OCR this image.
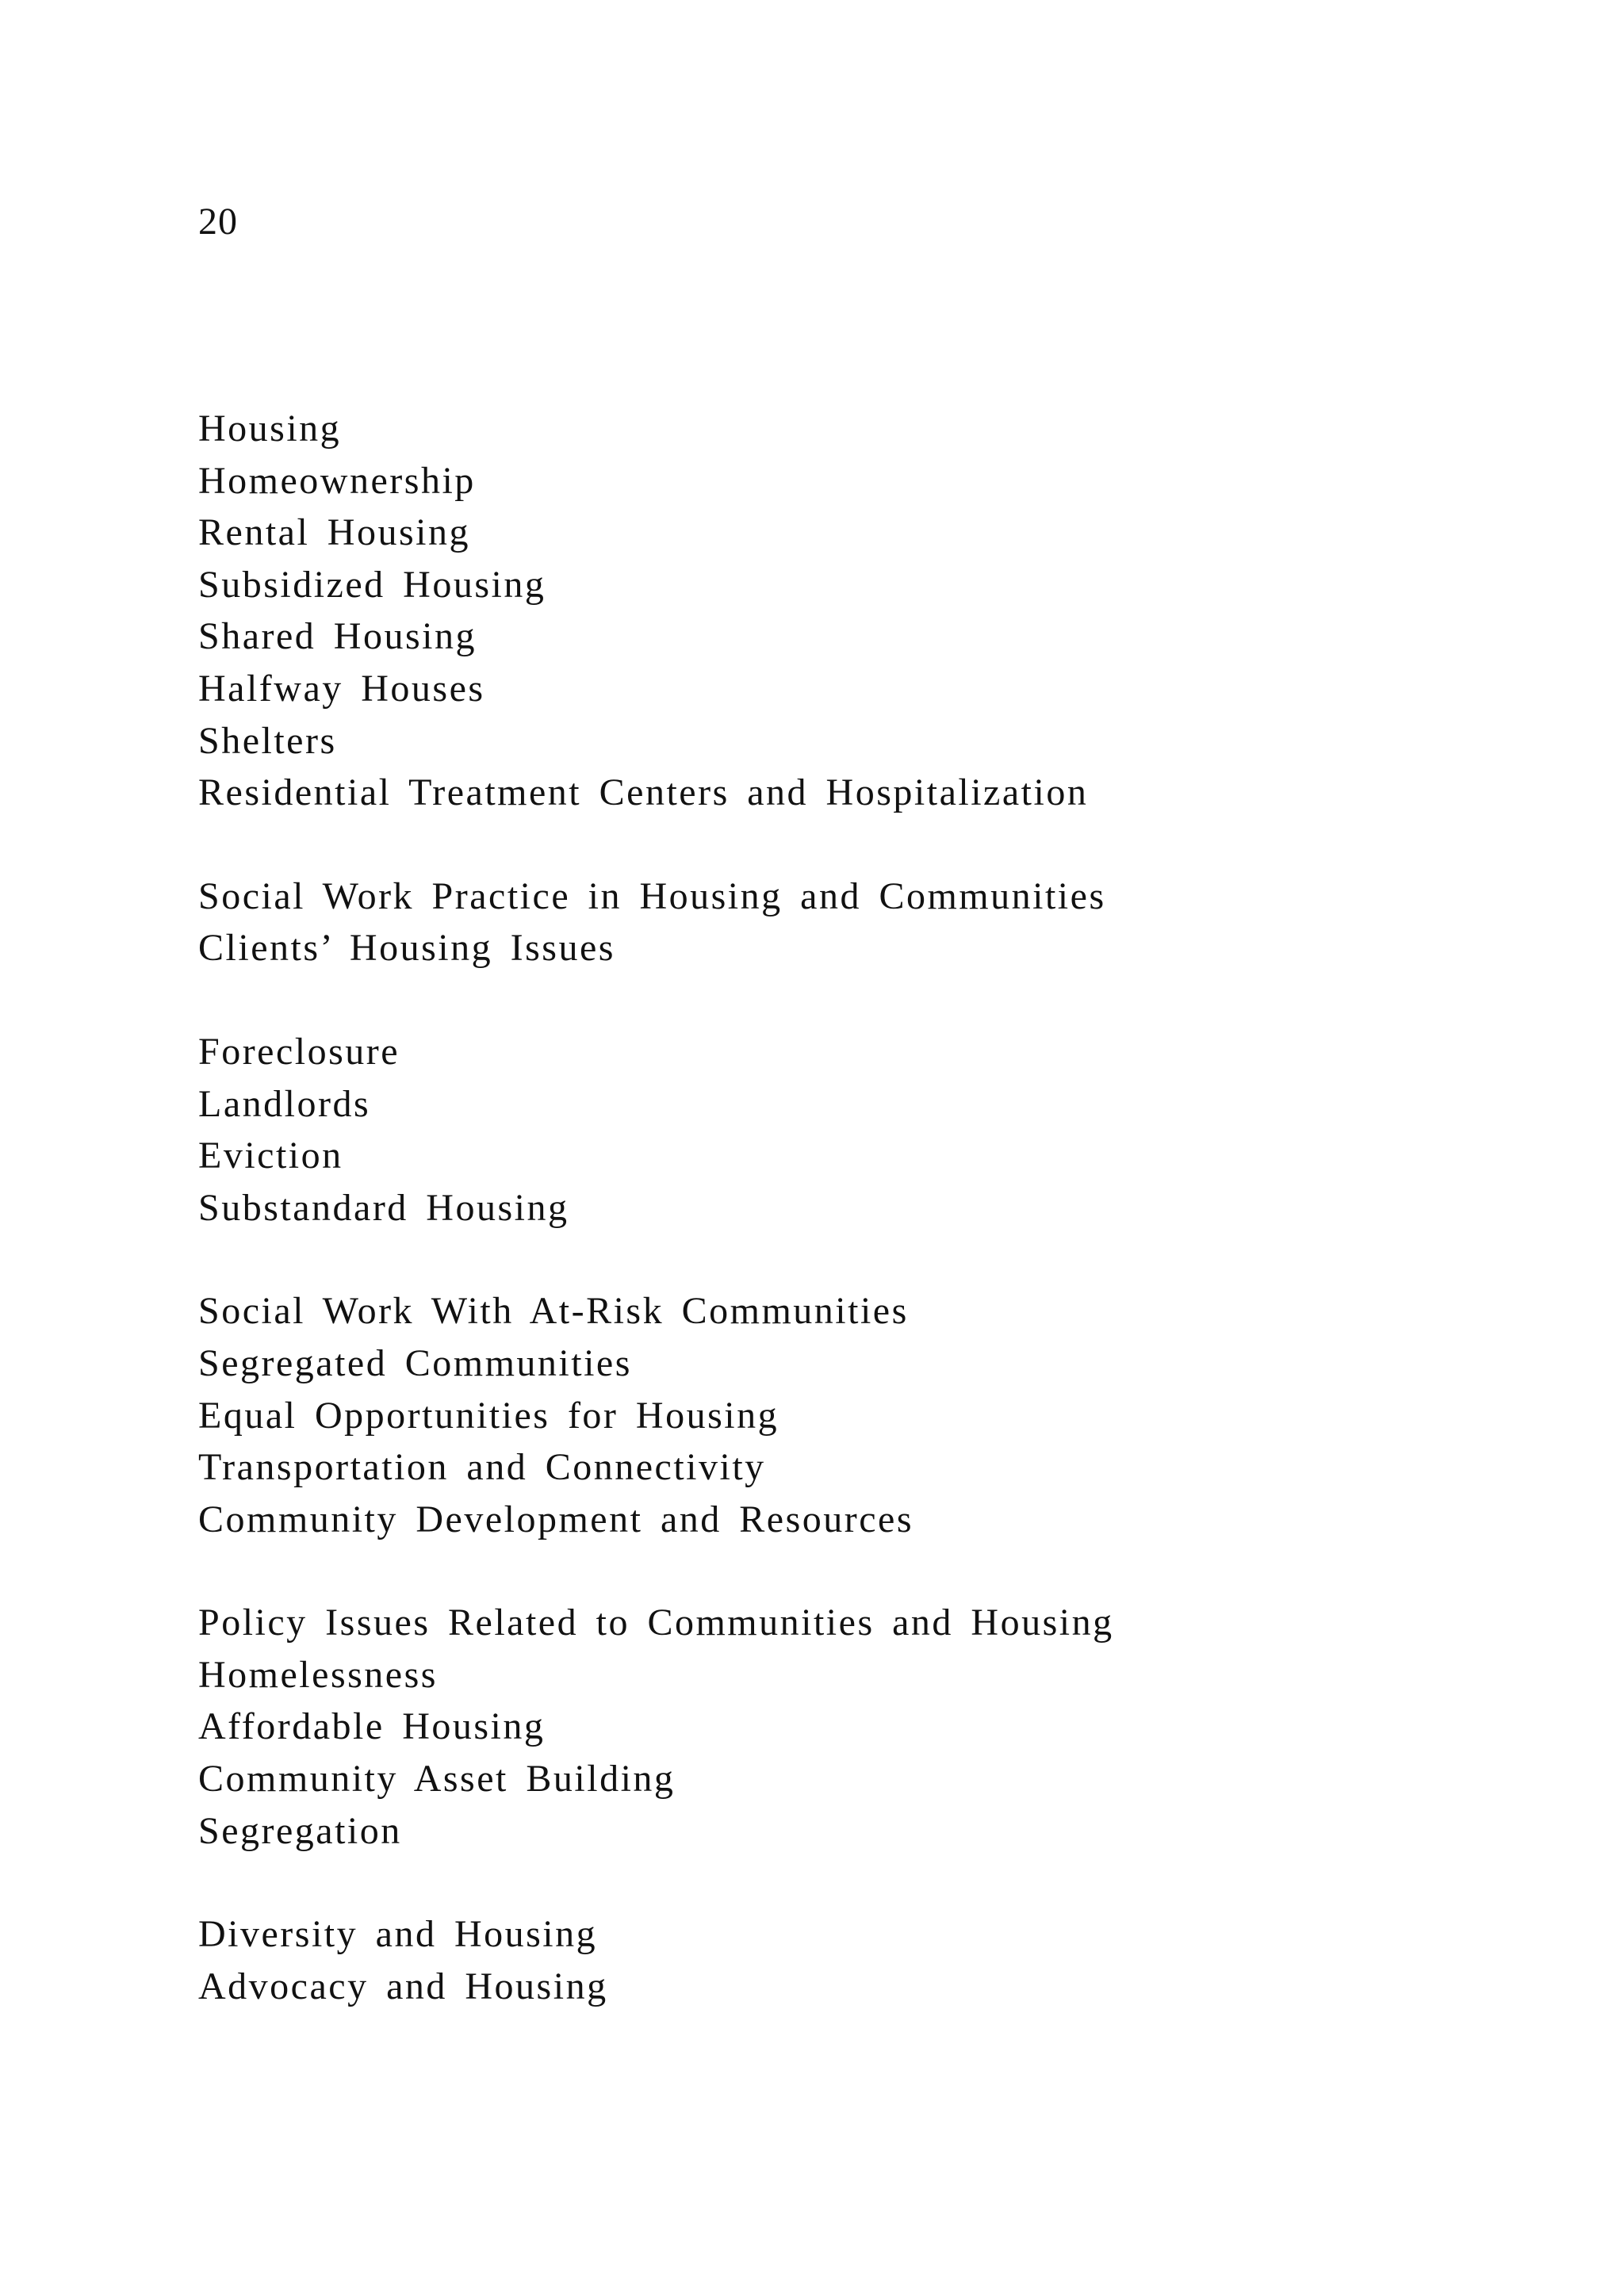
20
Housing
Homeownership
Rental Housing
Subsidized Housing
Shared Housing
Halfway Houses
Shelters
Residential Treatment Centers and Hospitalization
Social Work Practice in Housing and Communities
Clients’ Housing Issues
Foreclosure
Landlords
Eviction
Substandard Housing
Social Work With At-Risk Communities
Segregated Communities
Equal Opportunities for Housing
Transportation and Connectivity
Community Development and Resources
Policy Issues Related to Communities and Housing
Homelessness
Affordable Housing
Community Asset Building
Segregation
Diversity and Housing
Advocacy and Housing
